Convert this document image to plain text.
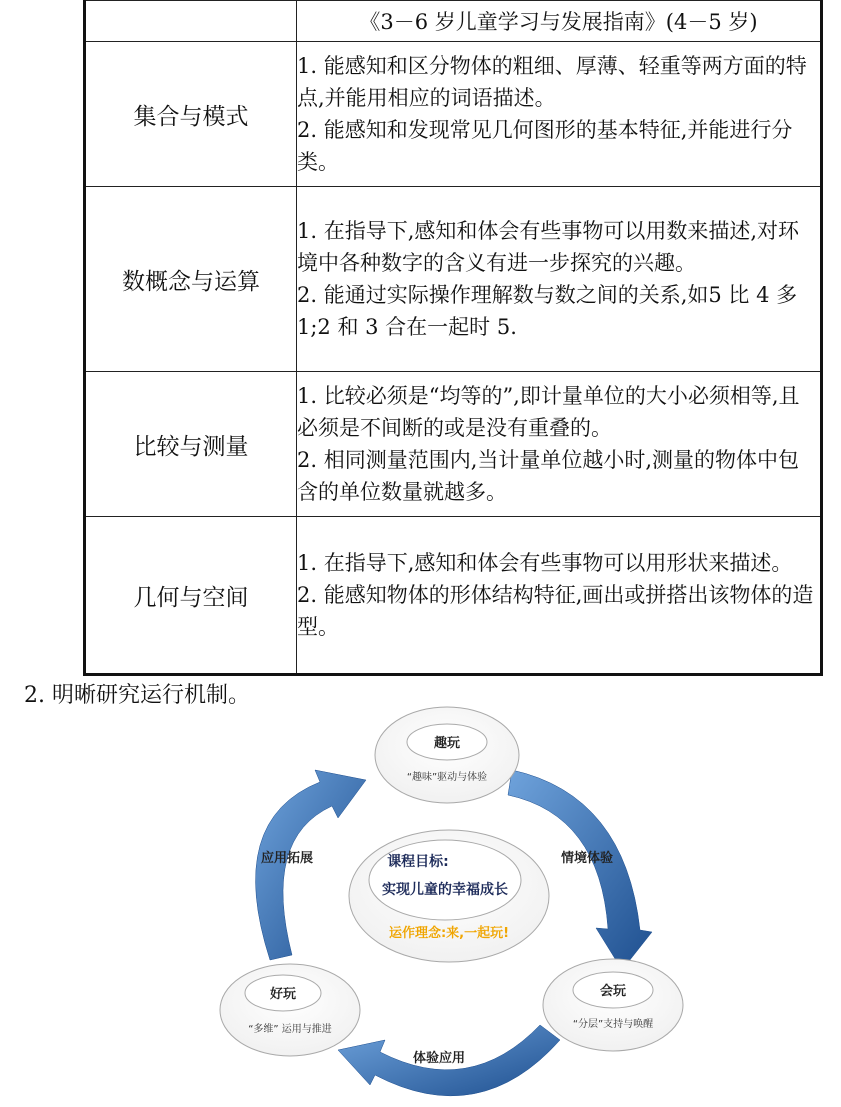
	《3－6 岁儿童学习与发展指南》(4－5 岁)
集合与模式	1. 能感知和区分物体的粗细、厚薄、轻重等两方面的特点,并能用相应的词语描述。
2. 能感知和发现常见几何图形的基本特征,并能进行分类。

数概念与运算	1. 在指导下,感知和体会有些事物可以用数来描述,对环境中各种数字的含义有进一步探究的兴趣。
2. 能通过实际操作理解数与数之间的关系,如5 比 4 多 1;2 和 3 合在一起时 5.

比较与测量	1. 比较必须是“均等的”,即计量单位的大小必须相等,且必须是不间断的或是没有重叠的。
2. 相同测量范围内,当计量单位越小时,测量的物体中包含的单位数量就越多。

几何与空间	1. 在指导下,感知和体会有些事物可以用形状来描述。
2. 能感知物体的形体结构特征,画出或拼搭出该物体的造型。
2. 明晰研究运行机制。
趣玩
“趣味”驱动与体验
会玩
“分层”支持与唤醒
好玩
“多维” 运用与推进
课程目标:
实现儿童的幸福成长
运作理念:来,一起玩!
应用拓展	情境体验
体验应用
